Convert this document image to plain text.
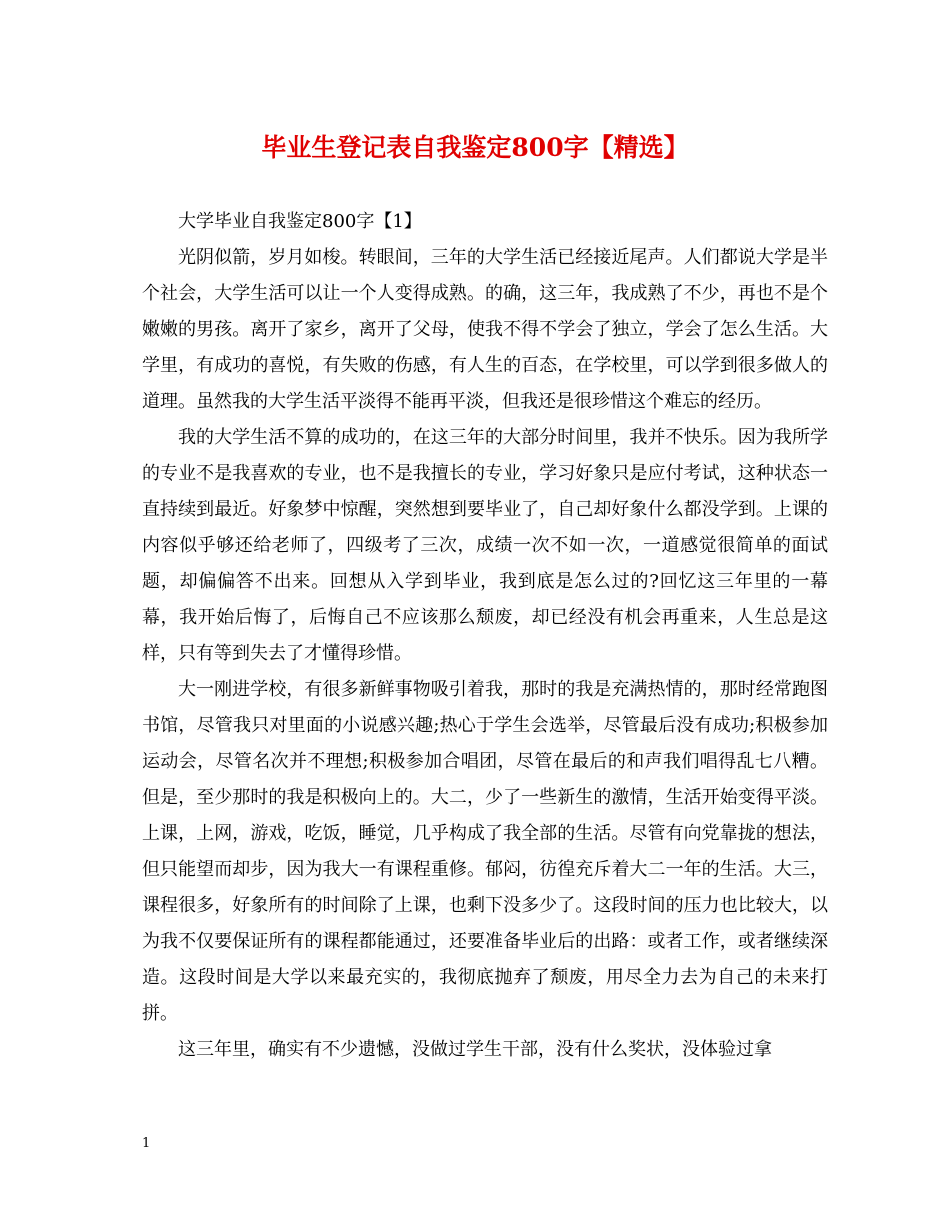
毕业生登记表自我鉴定800字【精选】

大学毕业自我鉴定800字【1】

光阴似箭，岁月如梭。转眼间，三年的大学生活已经接近尾声。人们都说大学是半个社会，大学生活可以让一个人变得成熟。的确，这三年，我成熟了不少，再也不是个嫩嫩的男孩。离开了家乡，离开了父母，使我不得不学会了独立，学会了怎么生活。大学里，有成功的喜悦，有失败的伤感，有人生的百态，在学校里，可以学到很多做人的道理。虽然我的大学生活平淡得不能再平淡，但我还是很珍惜这个难忘的经历。

我的大学生活不算的成功的，在这三年的大部分时间里，我并不快乐。因为我所学的专业不是我喜欢的专业，也不是我擅长的专业，学习好象只是应付考试，这种状态一直持续到最近。好象梦中惊醒，突然想到要毕业了，自己却好象什么都没学到。上课的内容似乎够还给老师了，四级考了三次，成绩一次不如一次，一道感觉很简单的面试题，却偏偏答不出来。回想从入学到毕业，我到底是怎么过的?回忆这三年里的一幕幕，我开始后悔了，后悔自己不应该那么颓废，却已经没有机会再重来，人生总是这样，只有等到失去了才懂得珍惜。

大一刚进学校，有很多新鲜事物吸引着我，那时的我是充满热情的，那时经常跑图书馆，尽管我只对里面的小说感兴趣;热心于学生会选举，尽管最后没有成功;积极参加运动会，尽管名次并不理想;积极参加合唱团，尽管在最后的和声我们唱得乱七八糟。但是，至少那时的我是积极向上的。大二，少了一些新生的激情，生活开始变得平淡。上课，上网，游戏，吃饭，睡觉，几乎构成了我全部的生活。尽管有向党靠拢的想法，但只能望而却步，因为我大一有课程重修。郁闷，彷徨充斥着大二一年的生活。大三，课程很多，好象所有的时间除了上课，也剩下没多少了。这段时间的压力也比较大，以为我不仅要保证所有的课程都能通过，还要准备毕业后的出路：或者工作，或者继续深造。这段时间是大学以来最充实的，我彻底抛弃了颓废，用尽全力去为自己的未来打拼。

这三年里，确实有不少遗憾，没做过学生干部，没有什么奖状，没体验过拿

1
